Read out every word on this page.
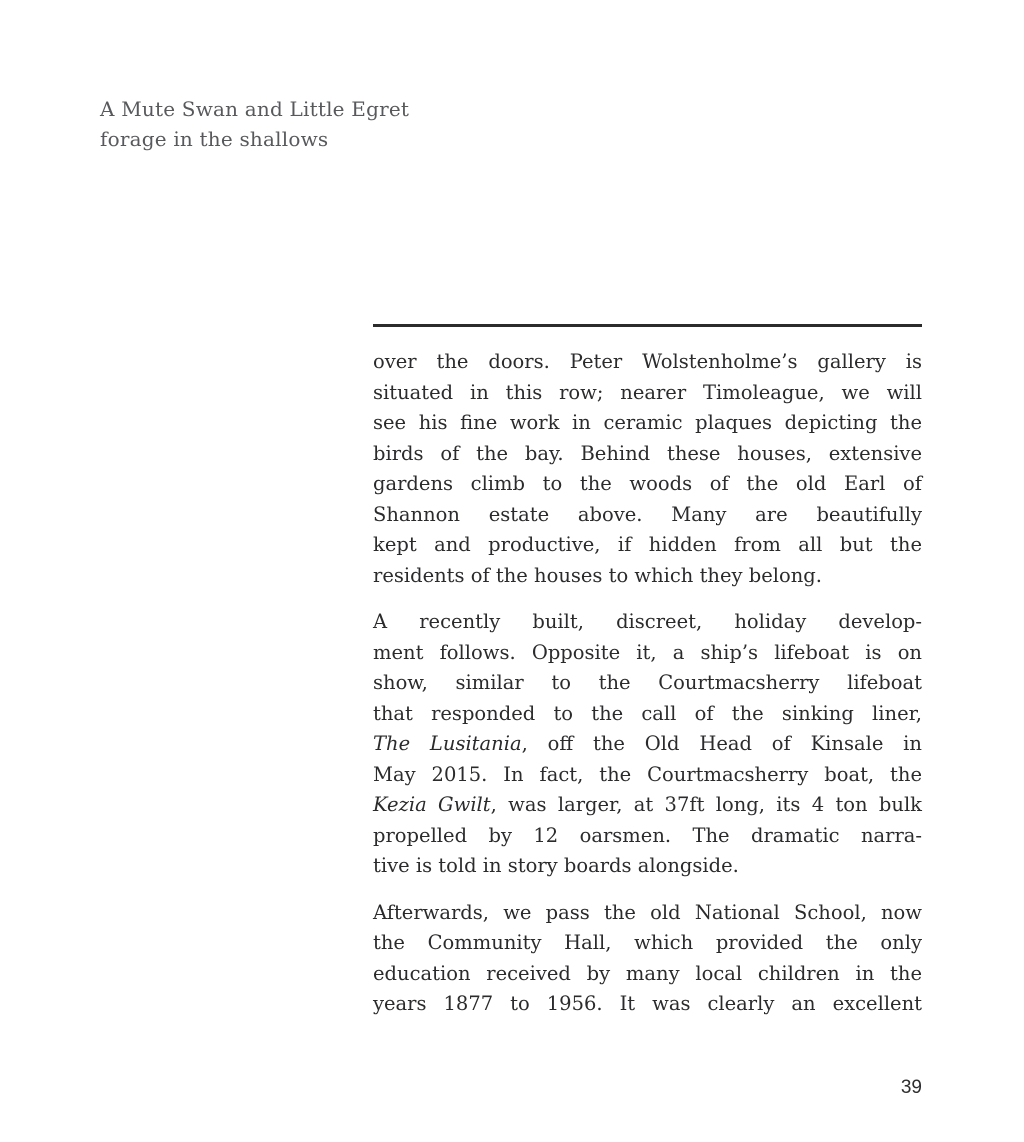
A Mute Swan and Little Egret
forage in the shallows

over the doors. Peter Wolstenholme’s gallery is
situated in this row; nearer Timoleague, we will
see his fine work in ceramic plaques depicting the
birds of the bay. Behind these houses, extensive
gardens climb to the woods of the old Earl of
Shannon estate above. Many are beautifully
kept and productive, if hidden from all but the
residents of the houses to which they belong.

A recently built, discreet, holiday develop-
ment follows. Opposite it, a ship’s lifeboat is on
show, similar to the Courtmacsherry lifeboat
that responded to the call of the sinking liner,
The Lusitania, off the Old Head of Kinsale in
May 2015. In fact, the Courtmacsherry boat, the
Kezia Gwilt, was larger, at 37ft long, its 4 ton bulk
propelled by 12 oarsmen. The dramatic narra-
tive is told in story boards alongside.

Afterwards, we pass the old National School, now
the Community Hall, which provided the only
education received by many local children in the
years 1877 to 1956. It was clearly an excellent

39
